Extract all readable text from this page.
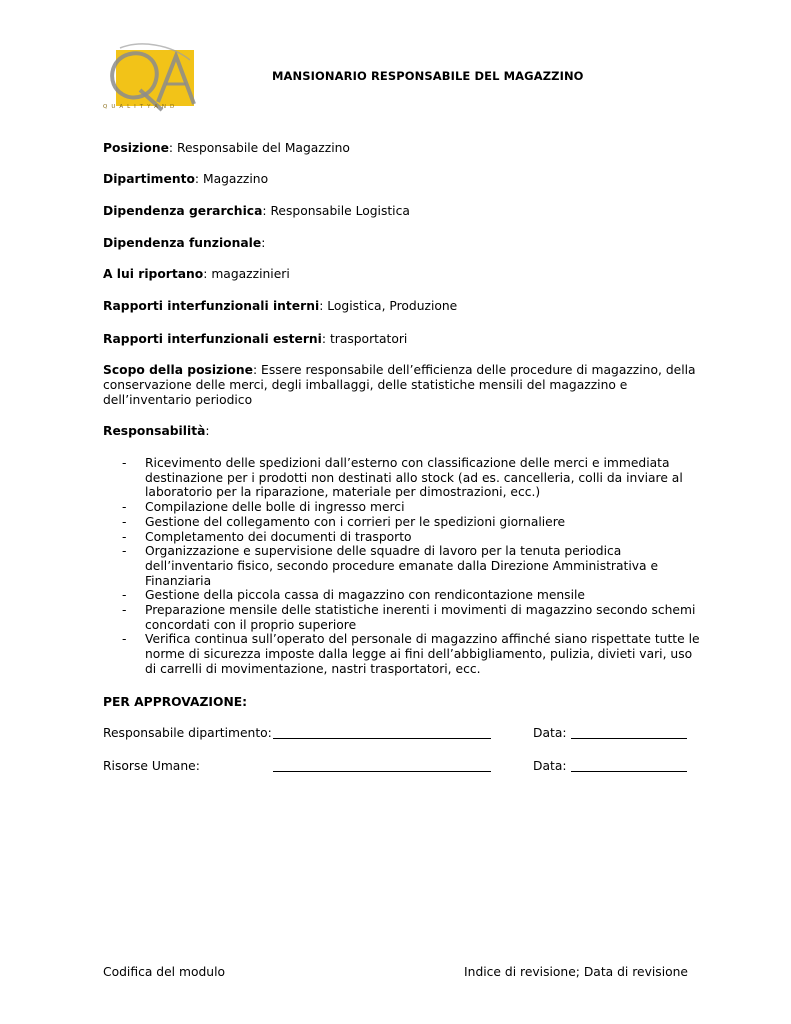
QUALITYAND
MANSIONARIO RESPONSABILE DEL MAGAZZINO
Posizione: Responsabile del Magazzino
Dipartimento: Magazzino
Dipendenza gerarchica: Responsabile Logistica
Dipendenza funzionale:
A lui riportano: magazzinieri
Rapporti interfunzionali interni: Logistica, Produzione
Rapporti interfunzionali esterni: trasportatori
Scopo della posizione: Essere responsabile dell’efficienza delle procedure di magazzino, della conservazione delle merci, degli imballaggi, delle statistiche mensili del magazzino e dell’inventario periodico
Responsabilità:
- Ricevimento delle spedizioni dall’esterno con classificazione delle merci e immediata destinazione per i prodotti non destinati allo stock (ad es. cancelleria, colli da inviare al laboratorio per la riparazione, materiale per dimostrazioni, ecc.)
- Compilazione delle bolle di ingresso merci
- Gestione del collegamento con i corrieri per le spedizioni giornaliere
- Completamento dei documenti di trasporto
- Organizzazione e supervisione delle squadre di lavoro per la tenuta periodica dell’inventario fisico, secondo procedure emanate dalla Direzione Amministrativa e Finanziaria
- Gestione della piccola cassa di magazzino con rendicontazione mensile
- Preparazione mensile delle statistiche inerenti i movimenti di magazzino secondo schemi concordati con il proprio superiore
- Verifica continua sull’operato del personale di magazzino affinché siano rispettate tutte le norme di sicurezza imposte dalla legge ai fini dell’abbigliamento, pulizia, divieti vari, uso di carrelli di movimentazione, nastri trasportatori, ecc.
PER APPROVAZIONE:
Responsabile dipartimento:	Data:
Risorse Umane:	Data:
Codifica del modulo	Indice di revisione; Data di revisione
